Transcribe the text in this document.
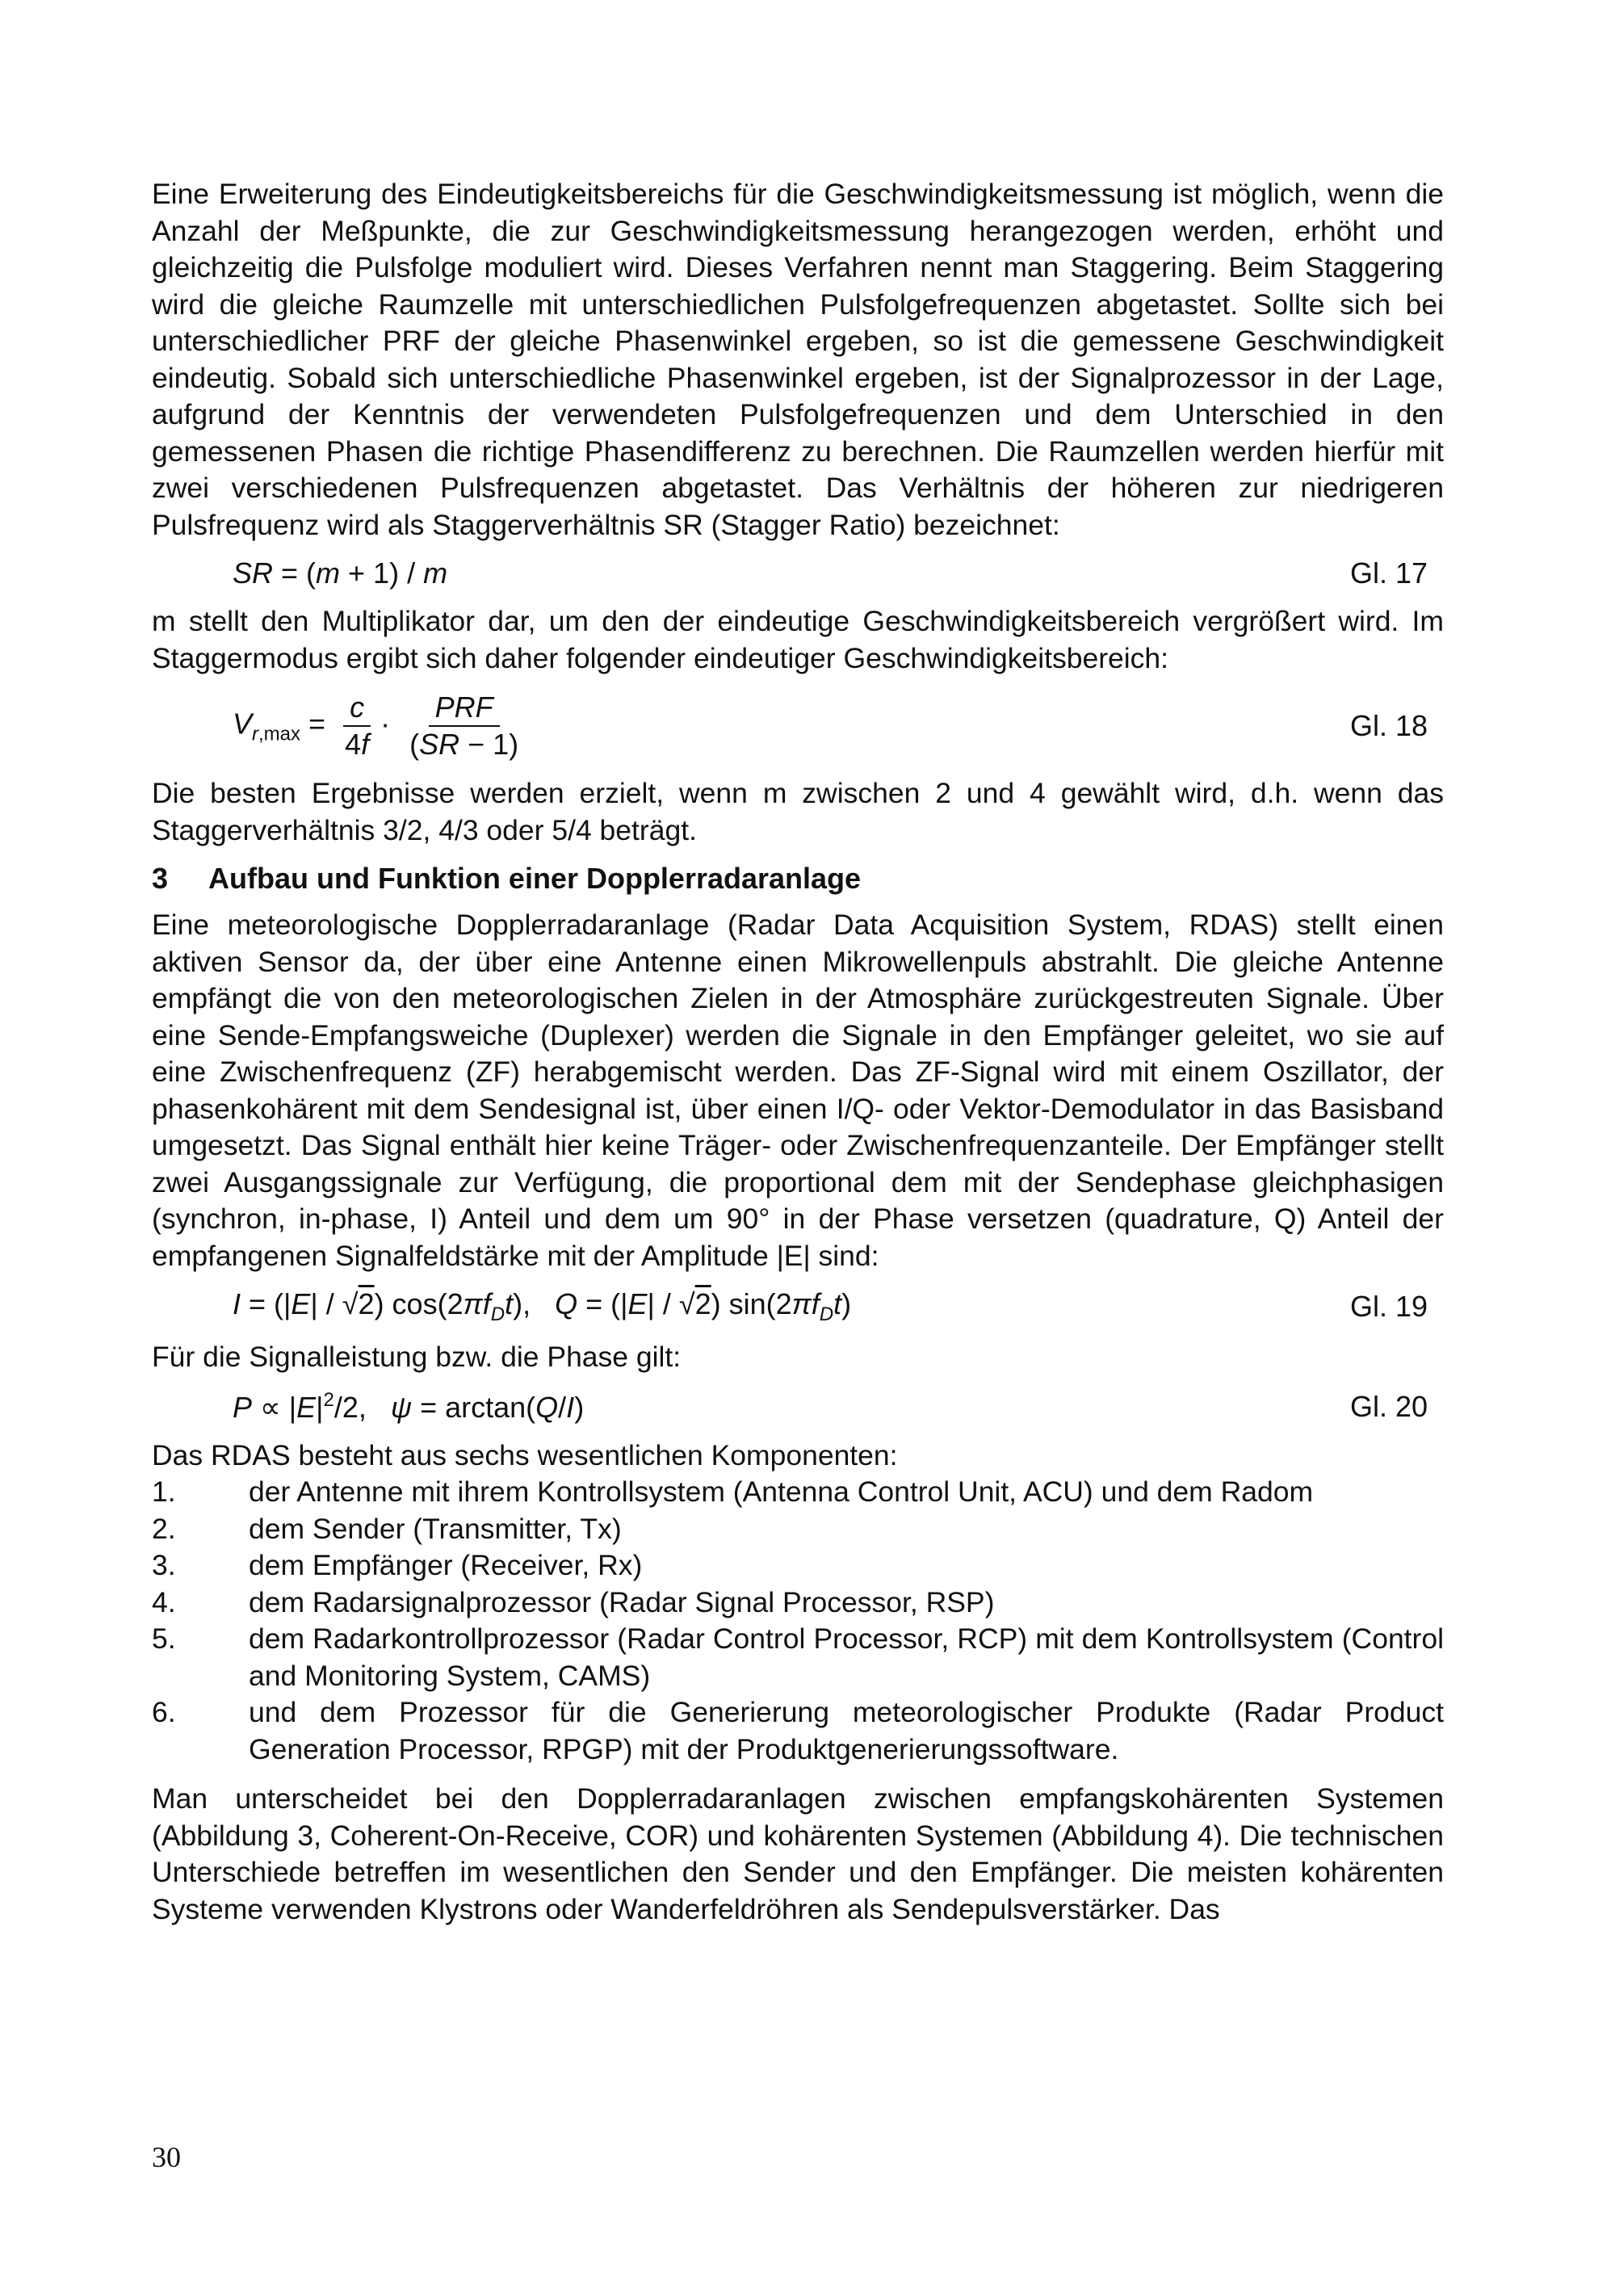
Eine Erweiterung des Eindeutigkeitsbereichs für die Geschwindigkeitsmessung ist möglich, wenn die Anzahl der Meßpunkte, die zur Geschwindigkeitsmessung herangezogen werden, erhöht und gleichzeitig die Pulsfolge moduliert wird. Dieses Verfahren nennt man Staggering. Beim Staggering wird die gleiche Raumzelle mit unterschiedlichen Pulsfolgefrequenzen abgetastet. Sollte sich bei unterschiedlicher PRF der gleiche Phasenwinkel ergeben, so ist die gemessene Geschwindigkeit eindeutig. Sobald sich unterschiedliche Phasenwinkel ergeben, ist der Signalprozessor in der Lage, aufgrund der Kenntnis der verwendeten Pulsfolgefrequenzen und dem Unterschied in den gemessenen Phasen die richtige Phasendifferenz zu berechnen. Die Raumzellen werden hierfür mit zwei verschiedenen Pulsfrequenzen abgetastet. Das Verhältnis der höheren zur niedrigeren Pulsfrequenz wird als Staggerverhältnis SR (Stagger Ratio) bezeichnet:

SR = (m + 1) / m	Gl. 17

m stellt den Multiplikator dar, um den der eindeutige Geschwindigkeitsbereich vergrößert wird. Im Staggermodus ergibt sich daher folgender eindeutiger Geschwindigkeitsbereich:

$V_{r,max} = \frac{c}{4f} \cdot \frac{\text{PRF}}{(SR - 1)}$	Gl. 18

Die besten Ergebnisse werden erzielt, wenn m zwischen 2 und 4 gewählt wird, d.h. wenn das Staggerverhältnis 3/2, 4/3 oder 5/4 beträgt.

3	Aufbau und Funktion einer Dopplerradaranlage

Eine meteorologische Dopplerradaranlage (Radar Data Acquisition System, RDAS) stellt einen aktiven Sensor da, der über eine Antenne einen Mikrowellenpuls abstrahlt. Die gleiche Antenne empfängt die von den meteorologischen Zielen in der Atmosphäre zurückgestreuten Signale. Über eine Sende-Empfangsweiche (Duplexer) werden die Signale in den Empfänger geleitet, wo sie auf eine Zwischenfrequenz (ZF) herabgemischt werden. Das ZF-Signal wird mit einem Oszillator, der phasenkohärent mit dem Sendesignal ist, über einen I/Q- oder Vektor-Demodulator in das Basisband umgesetzt. Das Signal enthält hier keine Träger- oder Zwischenfrequenzanteile. Der Empfänger stellt zwei Ausgangssignale zur Verfügung, die proportional dem mit der Sendephase gleichphasigen (synchron, in-phase, I) Anteil und dem um 90° in der Phase versetzen (quadrature, Q) Anteil der empfangenen Signalfeldstärke mit der Amplitude |E| sind:

I = (|E| / √2) $\cos(2\pi f_Dt)$,   Q = (|E| / √2) $\sin(2\pi f_Dt)$	Gl. 19

Für die Signalleistung bzw. die Phase gilt:

$P \propto |E|^2/2$,   ψ = arctan(Q/I)	Gl. 20

Das RDAS besteht aus sechs wesentlichen Komponenten:

1.	der Antenne mit ihrem Kontrollsystem (Antenna Control Unit, ACU) und dem Radom
2.	dem Sender (Transmitter, Tx)
3.	dem Empfänger (Receiver, Rx)
4.	dem Radarsignalprozessor (Radar Signal Processor, RSP)
5.	dem Radarkontrollprozessor (Radar Control Processor, RCP) mit dem Kontrollsystem (Control and Monitoring System, CAMS)
6.	und dem Prozessor für die Generierung meteorologischer Produkte (Radar Product Generation Processor, RPGP) mit der Produktgenerierungssoftware.

Man unterscheidet bei den Dopplerradaranlagen zwischen empfangskohärenten Systemen (Abbildung 3, Coherent-On-Receive, COR) und kohärenten Systemen (Abbildung 4). Die technischen Unterschiede betreffen im wesentlichen den Sender und den Empfänger. Die meisten kohärenten Systeme verwenden Klystrons oder Wanderfeldröhren als Sendepulsverstärker. Das

30
